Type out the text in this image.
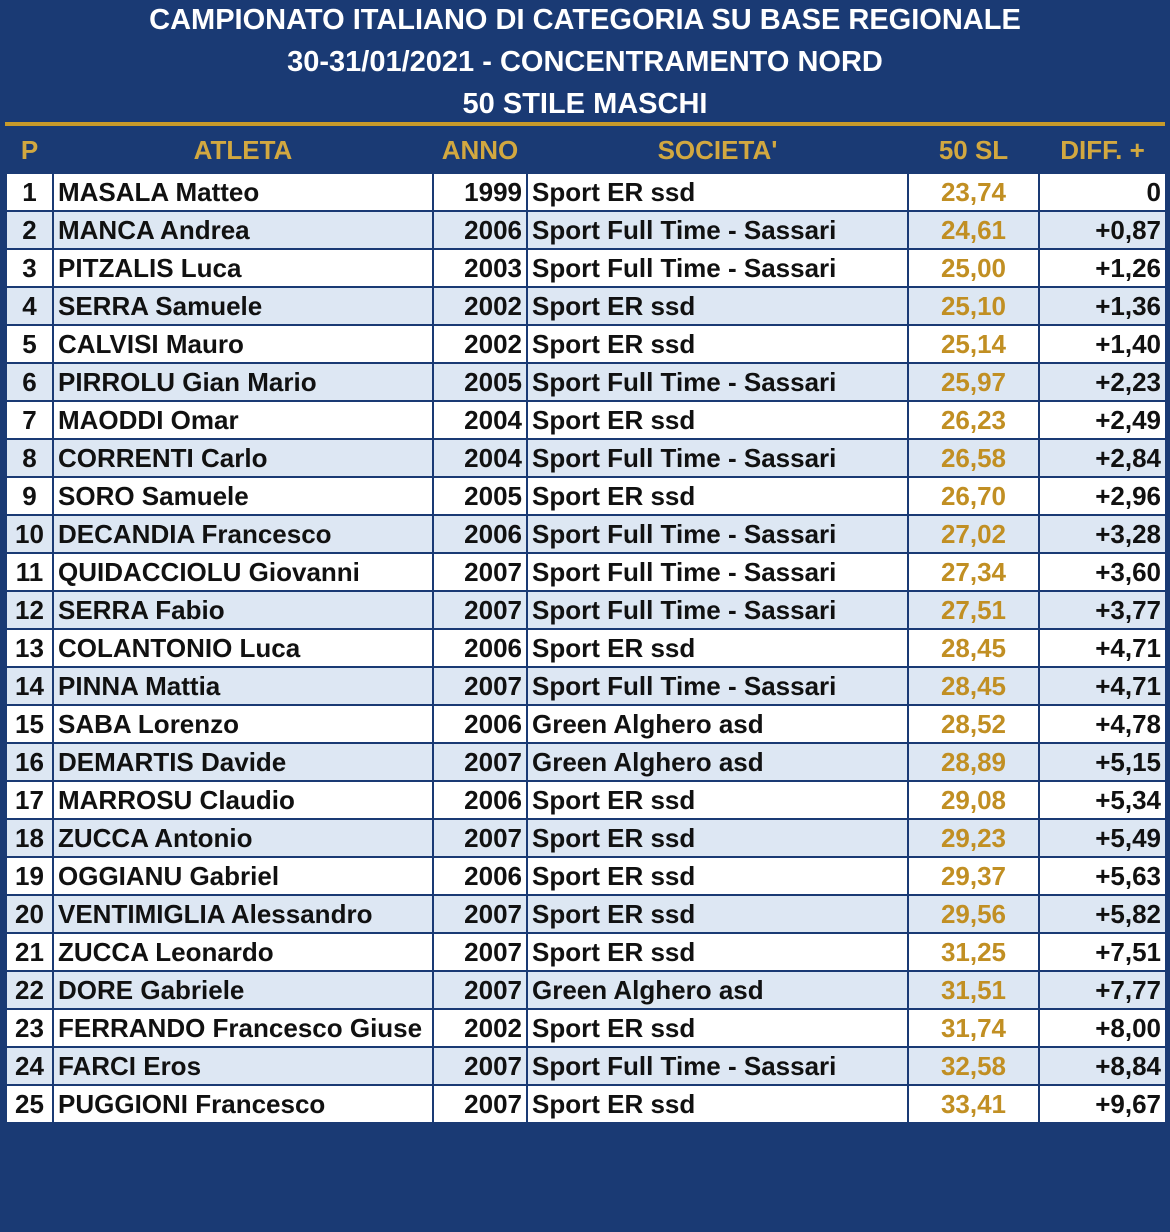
CAMPIONATO ITALIANO DI CATEGORIA SU BASE REGIONALE
30-31/01/2021 - CONCENTRAMENTO NORD
50 STILE MASCHI
P	ATLETA	ANNO	SOCIETA'	50 SL	DIFF. +
1	MASALA Matteo	1999	Sport ER ssd	23,74	0
2	MANCA Andrea	2006	Sport Full Time - Sassari	24,61	+0,87
3	PITZALIS Luca	2003	Sport Full Time - Sassari	25,00	+1,26
4	SERRA Samuele	2002	Sport ER ssd	25,10	+1,36
5	CALVISI Mauro	2002	Sport ER ssd	25,14	+1,40
6	PIRROLU Gian Mario	2005	Sport Full Time - Sassari	25,97	+2,23
7	MAODDI Omar	2004	Sport ER ssd	26,23	+2,49
8	CORRENTI Carlo	2004	Sport Full Time - Sassari	26,58	+2,84
9	SORO Samuele	2005	Sport ER ssd	26,70	+2,96
10	DECANDIA Francesco	2006	Sport Full Time - Sassari	27,02	+3,28
11	QUIDACCIOLU Giovanni	2007	Sport Full Time - Sassari	27,34	+3,60
12	SERRA Fabio	2007	Sport Full Time - Sassari	27,51	+3,77
13	COLANTONIO Luca	2006	Sport ER ssd	28,45	+4,71
14	PINNA Mattia	2007	Sport Full Time - Sassari	28,45	+4,71
15	SABA Lorenzo	2006	Green Alghero asd	28,52	+4,78
16	DEMARTIS Davide	2007	Green Alghero asd	28,89	+5,15
17	MARROSU Claudio	2006	Sport ER ssd	29,08	+5,34
18	ZUCCA Antonio	2007	Sport ER ssd	29,23	+5,49
19	OGGIANU Gabriel	2006	Sport ER ssd	29,37	+5,63
20	VENTIMIGLIA Alessandro	2007	Sport ER ssd	29,56	+5,82
21	ZUCCA Leonardo	2007	Sport ER ssd	31,25	+7,51
22	DORE Gabriele	2007	Green Alghero asd	31,51	+7,77
23	FERRANDO Francesco Giuse	2002	Sport ER ssd	31,74	+8,00
24	FARCI Eros	2007	Sport Full Time - Sassari	32,58	+8,84
25	PUGGIONI Francesco	2007	Sport ER ssd	33,41	+9,67
